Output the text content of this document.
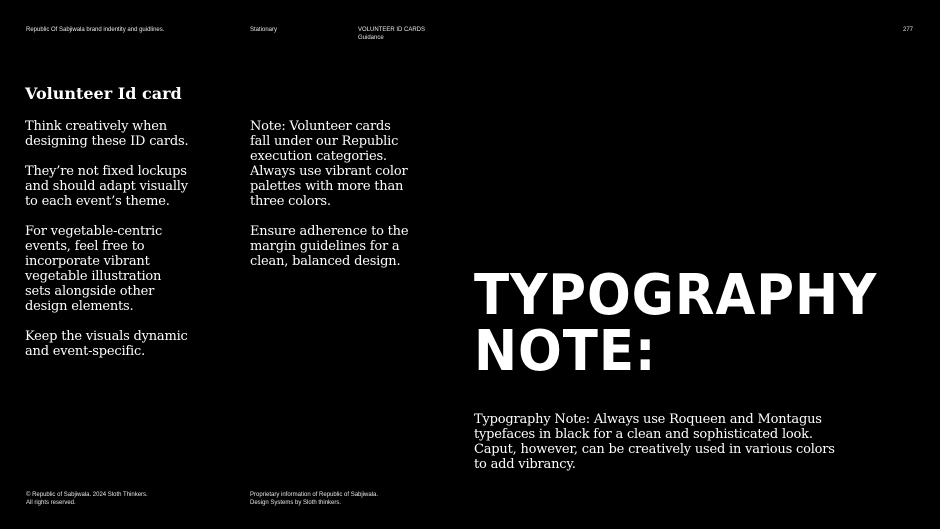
Republic Of Sabjiwala brand indentity and guidlines.	Stationary	VOLUNTEER ID CARDS
Guidance
277
Volunteer Id card

Think creatively when
designing these ID cards.

They’re not fixed lockups
and should adapt visually
to each event’s theme.

For vegetable-centric
events, feel free to
incorporate vibrant
vegetable illustration
sets alongside other
design elements.

Keep the visuals dynamic
and event-specific.

Note: Volunteer cards
fall under our Republic
execution categories.
Always use vibrant color
palettes with more than
three colors.

Ensure adherence to the
margin guidelines for a
clean, balanced design.

TYPOGRAPHY
NOTE:

Typography Note: Always use Roqueen and Montagus
typefaces in black for a clean and sophisticated look.
Caput, however, can be creatively used in various colors
to add vibrancy.

© Republic of Sabjiwala. 2024 Sloth Thinkers.
All rights reserved.
Proprietary information of Republic of Sabjiwala.
Design Systems by Sloth thinkers.
